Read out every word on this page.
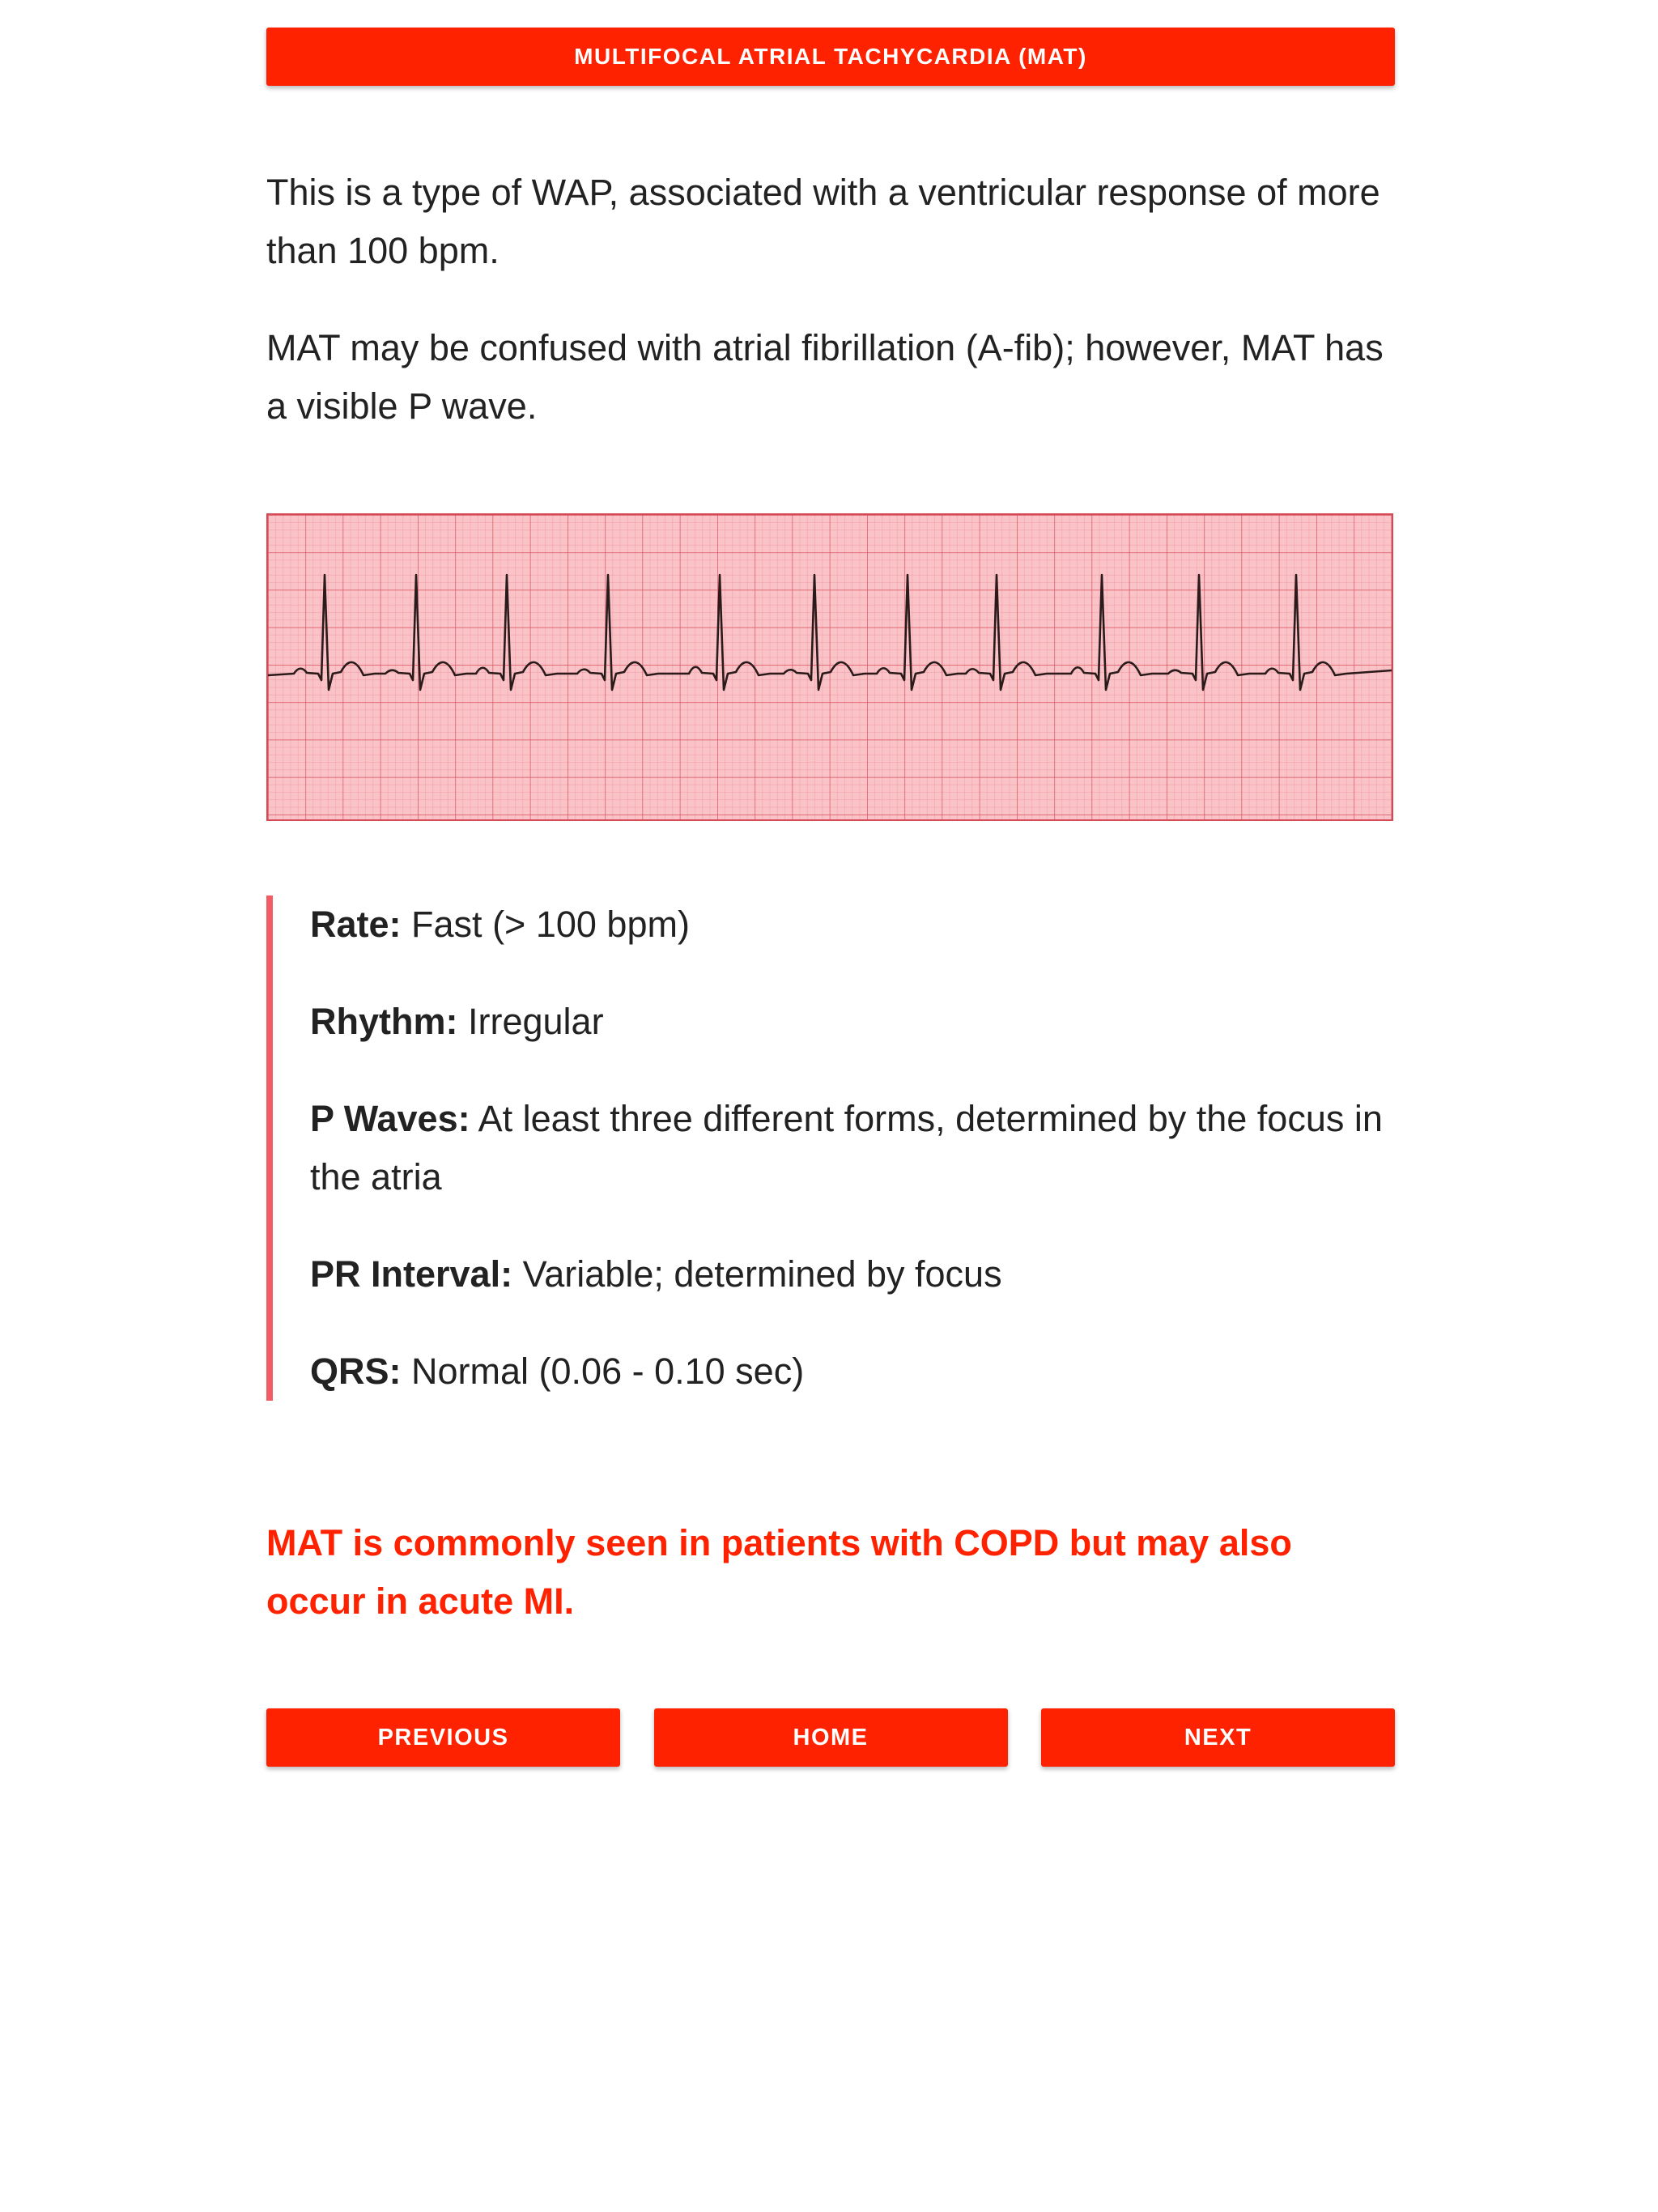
MULTIFOCAL ATRIAL TACHYCARDIA (MAT)

This is a type of WAP, associated with a ventricular response of more than 100 bpm.

MAT may be confused with atrial fibrillation (A-fib); however, MAT has a visible P wave.

Rate: Fast (> 100 bpm)

Rhythm: Irregular

P Waves: At least three different forms, determined by the focus in the atria

PR Interval: Variable; determined by focus

QRS: Normal (0.06 - 0.10 sec)

MAT is commonly seen in patients with COPD but may also occur in acute MI.
PREVIOUS	HOME	NEXT
